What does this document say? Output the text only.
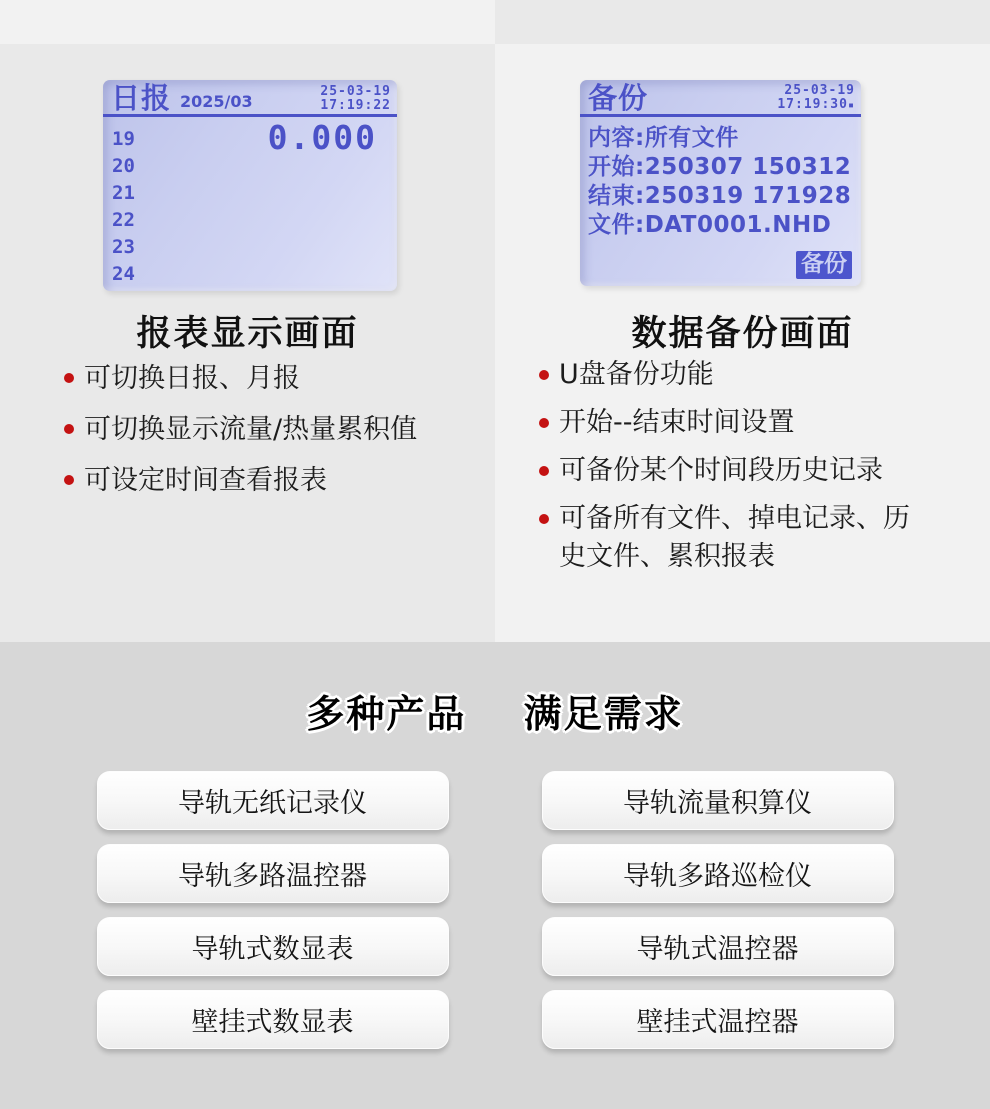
日报 2025/03
25-03-19
17:19:22
0.000
19
20
21
22
23
24
报表显示画面
可切换日报、月报
可切换显示流量/热量累积值
可设定时间查看报表
备份	25-03-19
17:19:30▪
内容:所有文件
开始:250307 150312
结束:250319 171928
文件:DAT0001.NHD
备份
数据备份画面
U盘备份功能
开始--结束时间设置
可备份某个时间段历史记录
可备所有文件、掉电记录、历史文件、累积报表
多种产品 满足需求
导轨无纸记录仪
导轨多路温控器
导轨式数显表
壁挂式数显表
导轨流量积算仪
导轨多路巡检仪
导轨式温控器
壁挂式温控器
